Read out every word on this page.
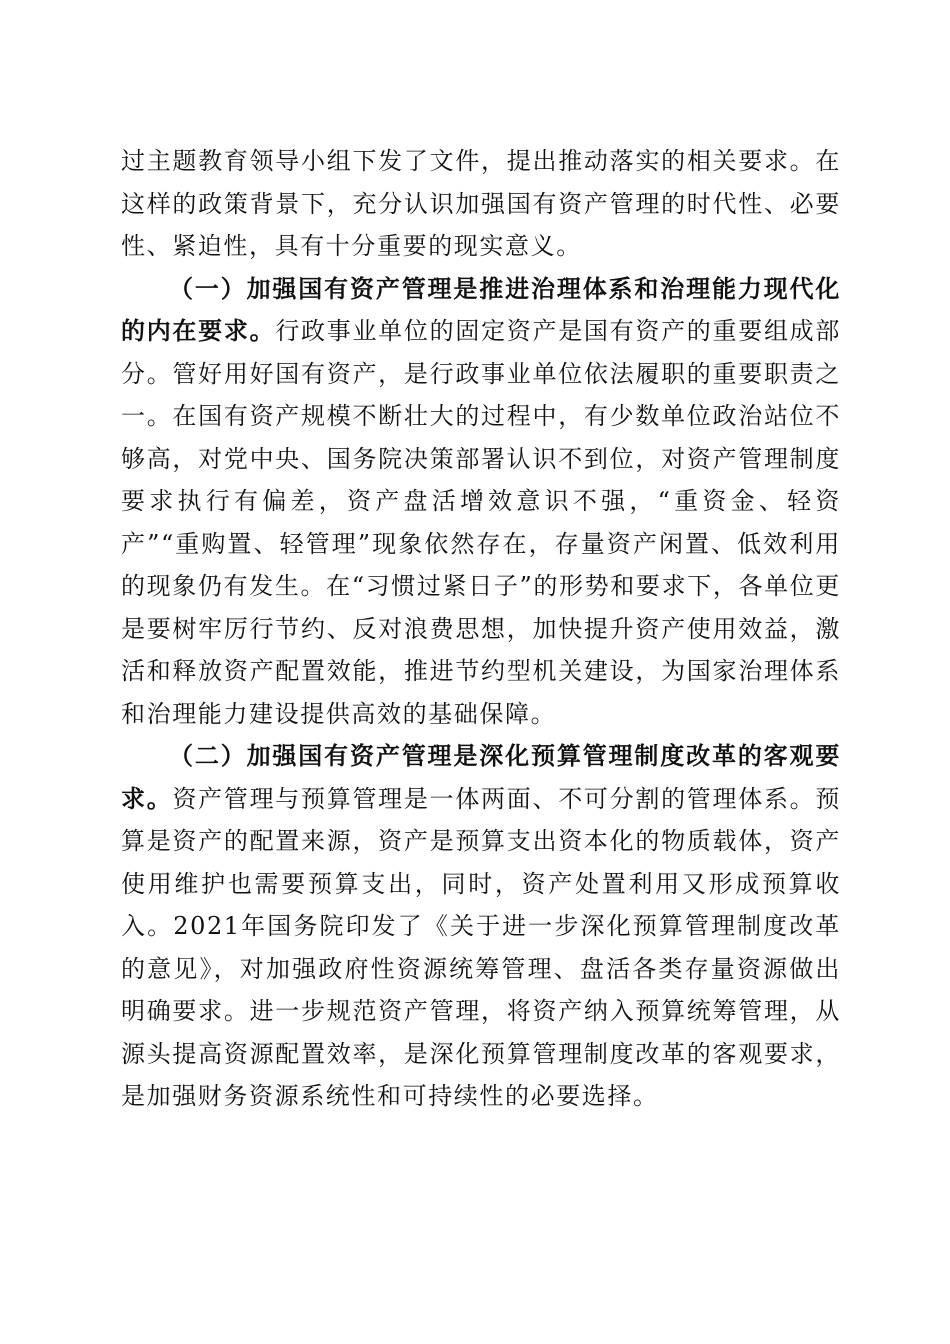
过主题教育领导小组下发了文件，提出推动落实的相关要求。在这样的政策背景下，充分认识加强国有资产管理的时代性、必要性、紧迫性，具有十分重要的现实意义。

（一）加强国有资产管理是推进治理体系和治理能力现代化的内在要求。行政事业单位的固定资产是国有资产的重要组成部分。管好用好国有资产，是行政事业单位依法履职的重要职责之一。在国有资产规模不断壮大的过程中，有少数单位政治站位不够高，对党中央、国务院决策部署认识不到位，对资产管理制度要求执行有偏差，资产盘活增效意识不强，“重资金、轻资产”“重购置、轻管理”现象依然存在，存量资产闲置、低效利用的现象仍有发生。在“习惯过紧日子”的形势和要求下，各单位更是要树牢厉行节约、反对浪费思想，加快提升资产使用效益，激活和释放资产配置效能，推进节约型机关建设，为国家治理体系和治理能力建设提供高效的基础保障。

（二）加强国有资产管理是深化预算管理制度改革的客观要求。资产管理与预算管理是一体两面、不可分割的管理体系。预算是资产的配置来源，资产是预算支出资本化的物质载体，资产使用维护也需要预算支出，同时，资产处置利用又形成预算收入。2021年国务院印发了《关于进一步深化预算管理制度改革的意见》，对加强政府性资源统筹管理、盘活各类存量资源做出明确要求。进一步规范资产管理，将资产纳入预算统筹管理，从源头提高资源配置效率，是深化预算管理制度改革的客观要求，是加强财务资源系统性和可持续性的必要选择。
